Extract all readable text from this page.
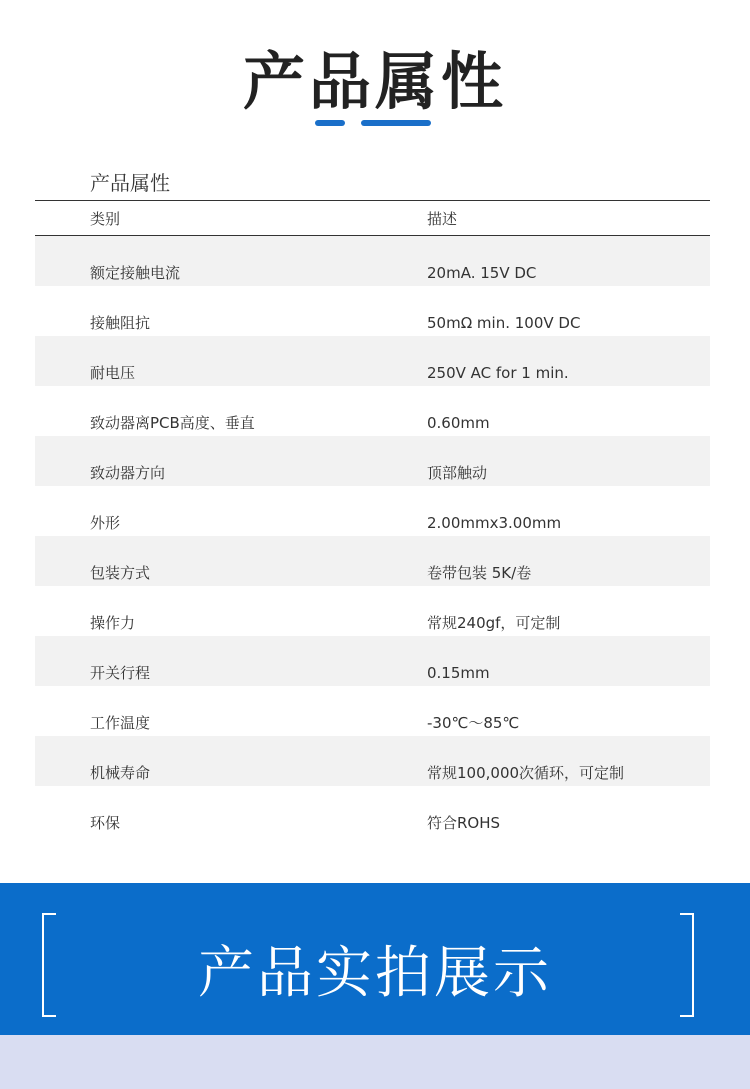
产品属性
产品属性
类别	描述
额定接触电流	20mA. 15V DC
接触阻抗	50mΩ min. 100V DC
耐电压	250V AC for 1 min.
致动器离PCB高度、垂直	0.60mm
致动器方向	顶部触动
外形	2.00mmx3.00mm
包装方式	卷带包装 5K/卷
操作力	常规240gf，可定制
开关行程	0.15mm
工作温度	-30℃～85℃
机械寿命	常规100,000次循环，可定制
环保	符合ROHS
产品实拍展示
